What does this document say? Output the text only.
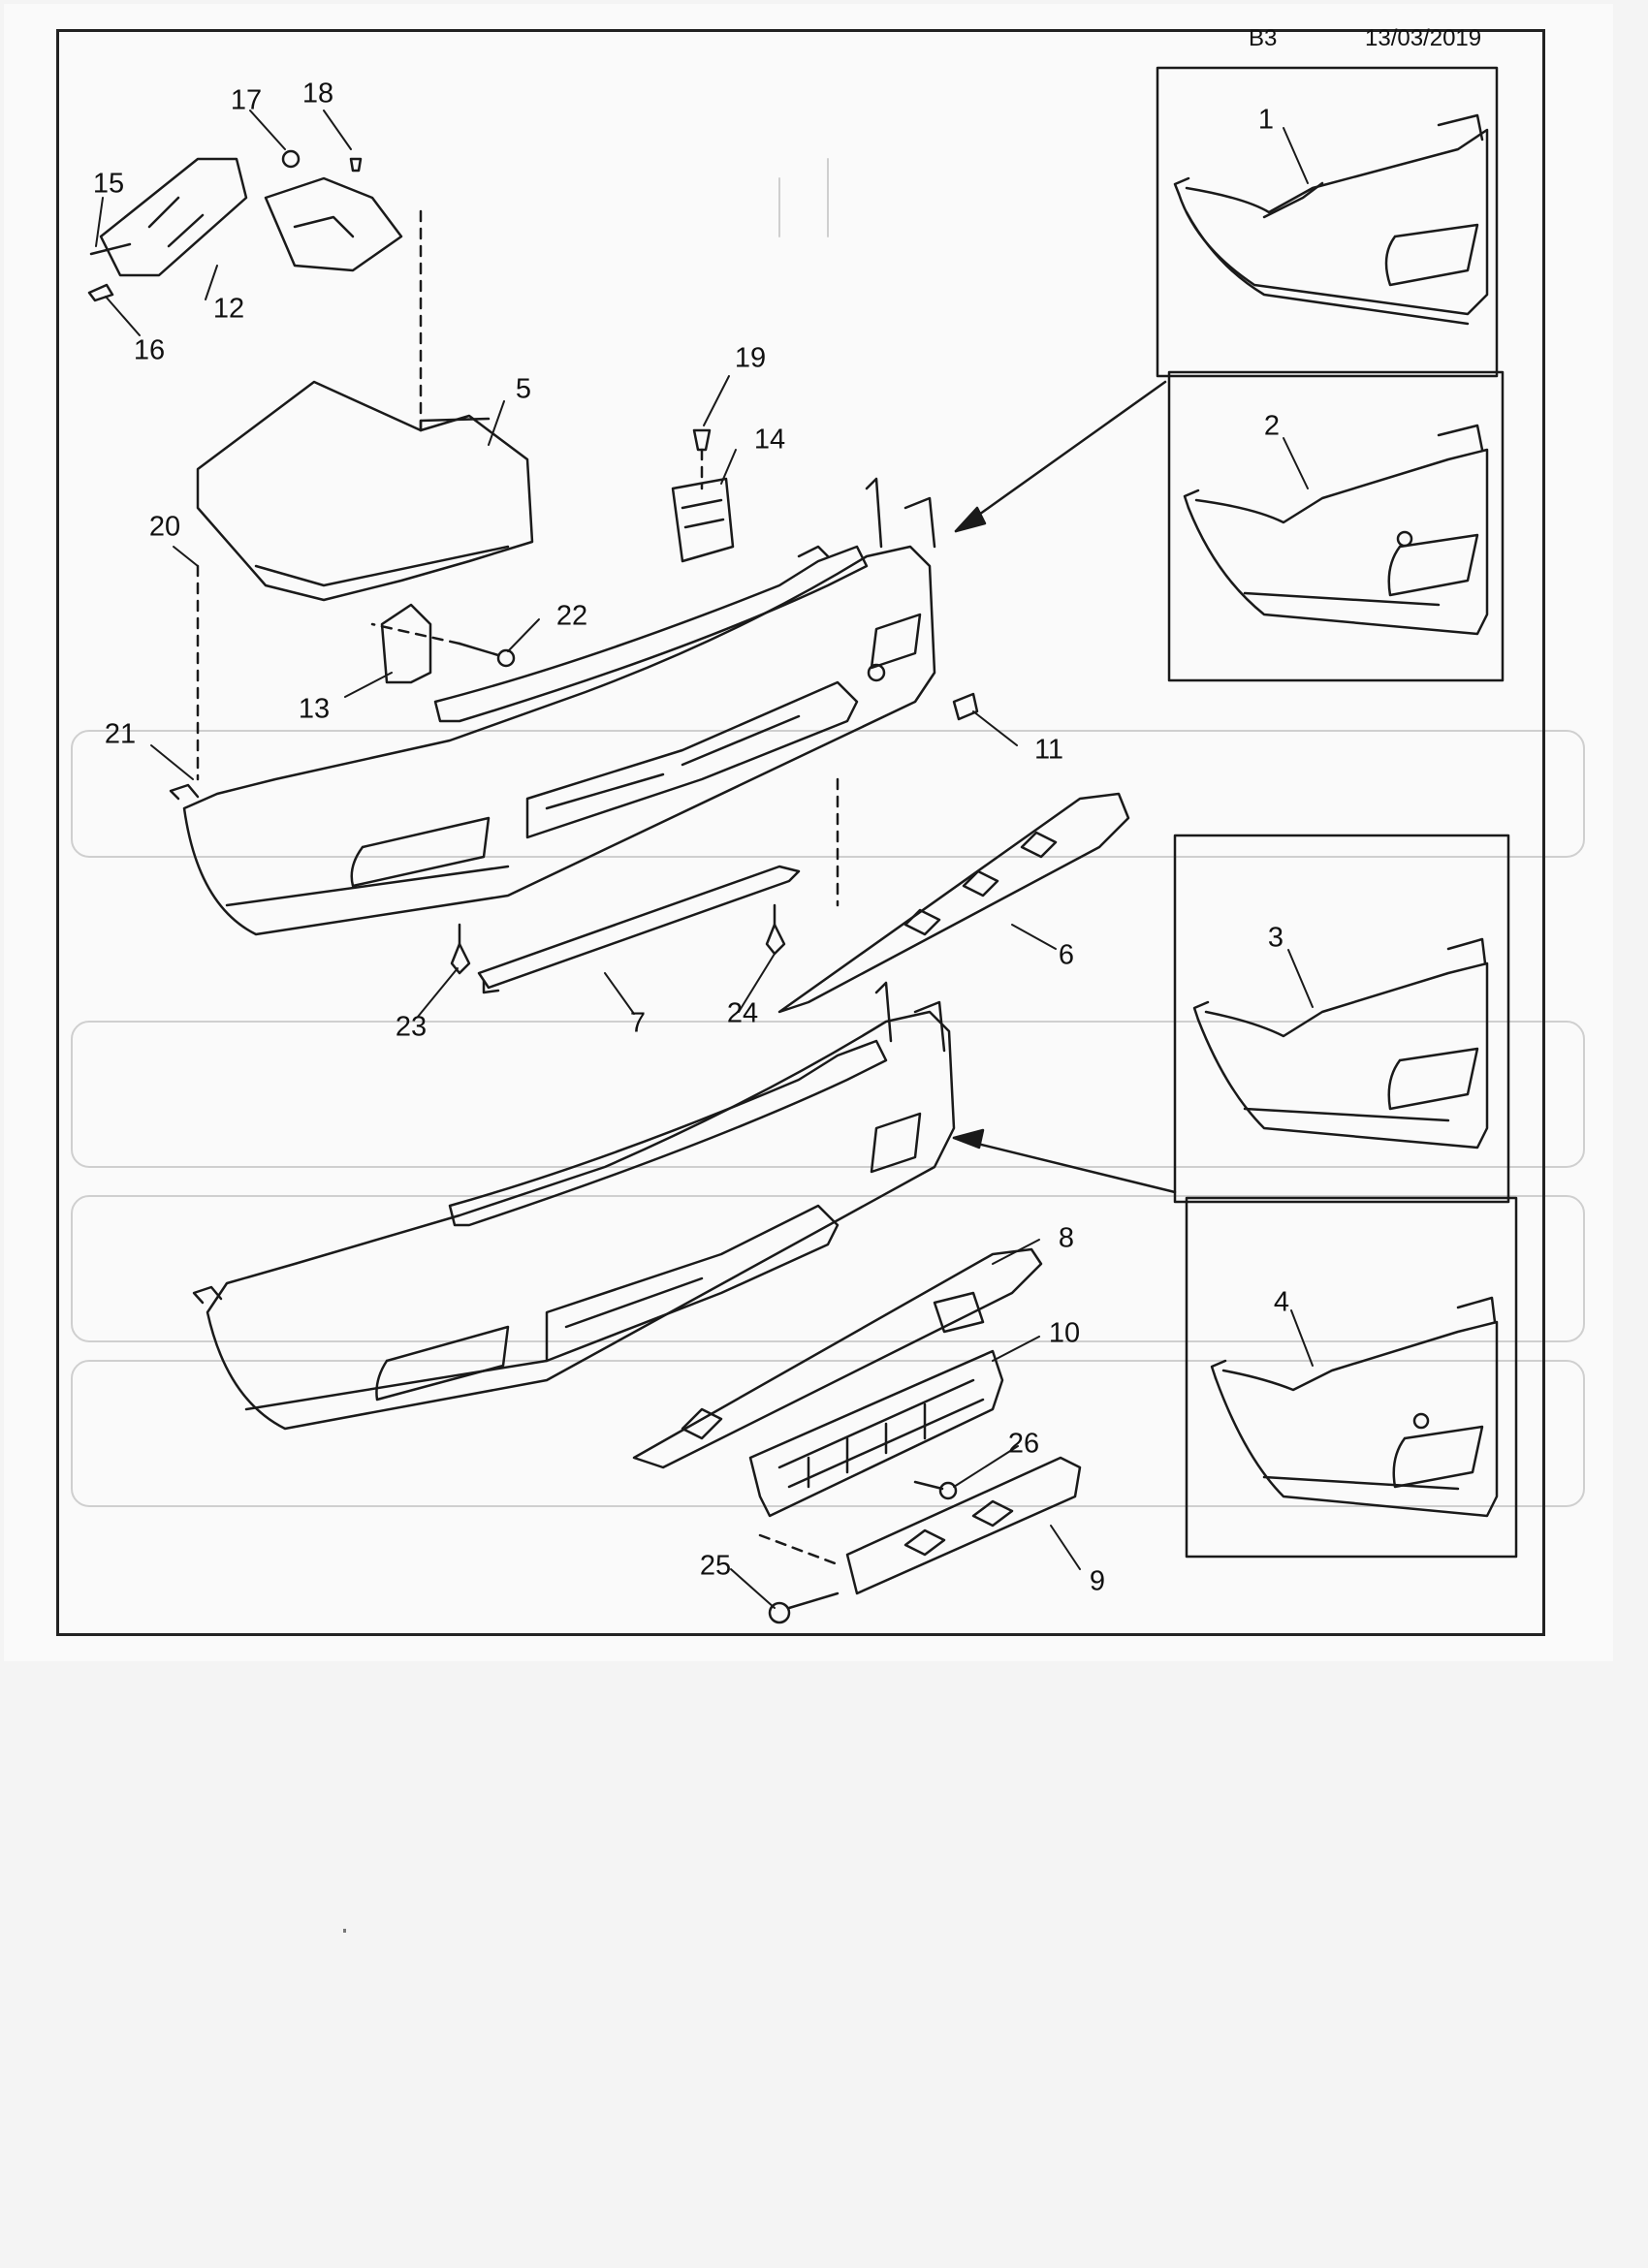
B3	13/03/2019
1
2
3
4
5
6
7
8
9
10
11
12
13
14
15
16
17 18
19
20
21
22
23	24
25
26
